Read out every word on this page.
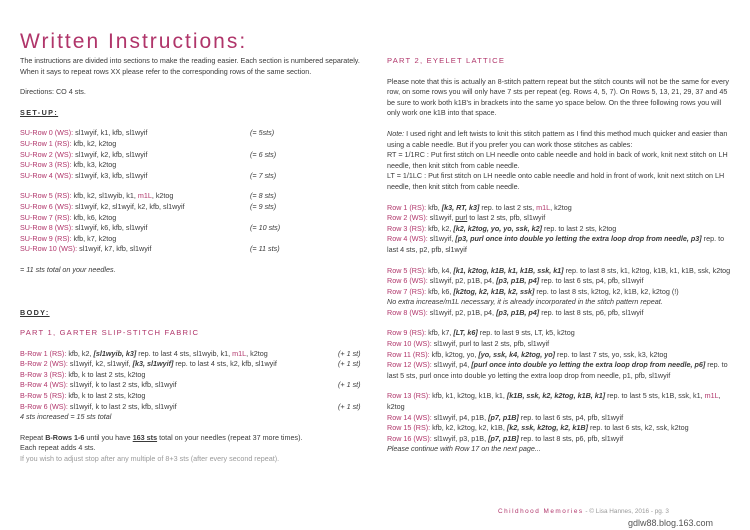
Written Instructions:

The instructions are divided into sections to make the reading easier. Each section is numbered separately. When it says to repeat rows XX please refer to the corresponding rows of the same section.

Directions: CO 4 sts.

SET-UP:

SU-Row 0 (WS): sl1wyif, k1, kfb, sl1wyif	(= 5sts)
SU-Row 1 (RS): kfb, k2, k2tog
SU-Row 2 (WS): sl1wyif, k2, kfb, sl1wyif	(= 6 sts)
SU-Row 3 (RS): kfb, k3, k2tog
SU-Row 4 (WS): sl1wyif, k3, kfb, sl1wyif	(= 7 sts)
SU-Row 5 (RS): kfb, k2, sl1wyib, k1, m1L, k2tog	(= 8 sts)
SU-Row 6 (WS): sl1wyif, k2, sl1wyif, k2, kfb, sl1wyif	(= 9 sts)
SU-Row 7 (RS): kfb, k6, k2tog
SU-Row 8 (WS): sl1wyif, k6, kfb, sl1wyif	(= 10 sts)
SU-Row 9 (RS): kfb, k7, k2tog
SU-Row 10 (WS): sl1wyif, k7, kfb, sl1wyif	(= 11 sts)

= 11 sts total on your needles.

BODY:

PART 1, GARTER SLIP-STITCH FABRIC

B-Row 1 (RS): kfb, k2, [sl1wyib, k3] rep. to last 4 sts, sl1wyib, k1, m1L, k2tog	(+ 1 st)
B-Row 2 (WS): sl1wyif, k2, sl1wyif, [k3, sl1wyif] rep. to last 4 sts, k2, kfb, sl1wyif	(+ 1 st)
B-Row 3 (RS): kfb, k to last 2 sts, k2tog
B-Row 4 (WS): sl1wyif, k to last 2 sts, kfb, sl1wyif	(+ 1 st)
B-Row 5 (RS): kfb, k to last 2 sts, k2tog
B-Row 6 (WS): sl1wyif, k to last 2 sts, kfb, sl1wyif	(+ 1 st)

4 sts increased = 15 sts total

Repeat B-Rows 1-6 until you have 163 sts total on your needles (repeat 37 more times).

Each repeat adds 4 sts.

If you wish to adjust stop after any multiple of 8+3 sts (after every second repeat).

PART 2, EYELET LATTICE

Please note that this is actually an 8-stitch pattern repeat but the stitch counts will not be the same for every row, on some rows you will only have 7 sts per repeat (eg. Rows 4, 5, 7). On Rows 5, 13, 21, 29, 37 and 45 be sure to work both k1B's in brackets into the same yo space below. On the three following rows you will only work one k1B into that space.

Note: I used right and left twists to knit this stitch pattern as I find this method much quicker and easier than using a cable needle. But if you prefer you can work those stitches as cables:

RT = 1/1RC : Put first stitch on LH needle onto cable needle and hold in back of work, knit next stitch on LH needle, then knit stitch from cable needle.

LT = 1/1LC : Put first stitch on LH needle onto cable needle and hold in front of work, knit next stitch on LH needle, then knit stitch from cable needle.

Row 1 (RS): kfb, [k3, RT, k3] rep. to last 2 sts, m1L, k2tog

Row 2 (WS): sl1wyif, purl to last 2 sts, pfb, sl1wyif

Row 3 (RS): kfb, k2, [k2, k2tog, yo, yo, ssk, k2] rep. to last 2 sts, k2tog

Row 4 (WS): sl1wyif, [p3, purl once into double yo letting the extra loop drop from needle, p3] rep. to last 4 sts, p2, pfb, sl1wyif

Row 5 (RS): kfb, k4, [k1, k2tog, k1B, k1, k1B, ssk, k1] rep. to last 8 sts, k1, k2tog, k1B, k1, k1B, ssk, k2tog

Row 6 (WS): sl1wyif, p2, p1B, p4, [p3, p1B, p4] rep. to last 6 sts, p4, pfb, sl1wyif

Row 7 (RS): kfb, k6, [k2tog, k2, k1B, k2, ssk] rep. to last 8 sts, k2tog, k2, k1B, k2, k2tog (!)

No extra increase/m1L necessary, it is already incorporated in the stitch pattern repeat.

Row 8 (WS): sl1wyif, p2, p1B, p4, [p3, p1B, p4] rep. to last 8 sts, p6, pfb, sl1wyif

Row 9 (RS): kfb, k7, [LT, k6] rep. to last 9 sts, LT, k5, k2tog

Row 10 (WS): sl1wyif, purl to last 2 sts, pfb, sl1wyif

Row 11 (RS): kfb, k2tog, yo, [yo, ssk, k4, k2tog, yo] rep. to last 7 sts, yo, ssk, k3, k2tog

Row 12 (WS): sl1wyif, p4, [purl once into double yo letting the extra loop drop from needle, p6] rep. to last 5 sts, purl once into double yo letting the extra loop drop from needle, p1, pfb, sl1wyif

Row 13 (RS): kfb, k1, k2tog, k1B, k1, [k1B, ssk, k2, k2tog, k1B, k1] rep. to last 5 sts, k1B, ssk, k1, m1L, k2tog

Row 14 (WS): sl1wyif, p4, p1B, [p7, p1B] rep. to last 6 sts, p4, pfb, sl1wyif

Row 15 (RS): kfb, k2, k2tog, k2, k1B, [k2, ssk, k2tog, k2, k1B] rep. to last 6 sts, k2, ssk, k2tog

Row 16 (WS): sl1wyif, p3, p1B, [p7, p1B] rep. to last 8 sts, p6, pfb, sl1wyif

Please continue with Row 17 on the next page...

Childhood Memories - © Lisa Hannes, 2016 - pg. 3
gdlw88.blog.163.com
